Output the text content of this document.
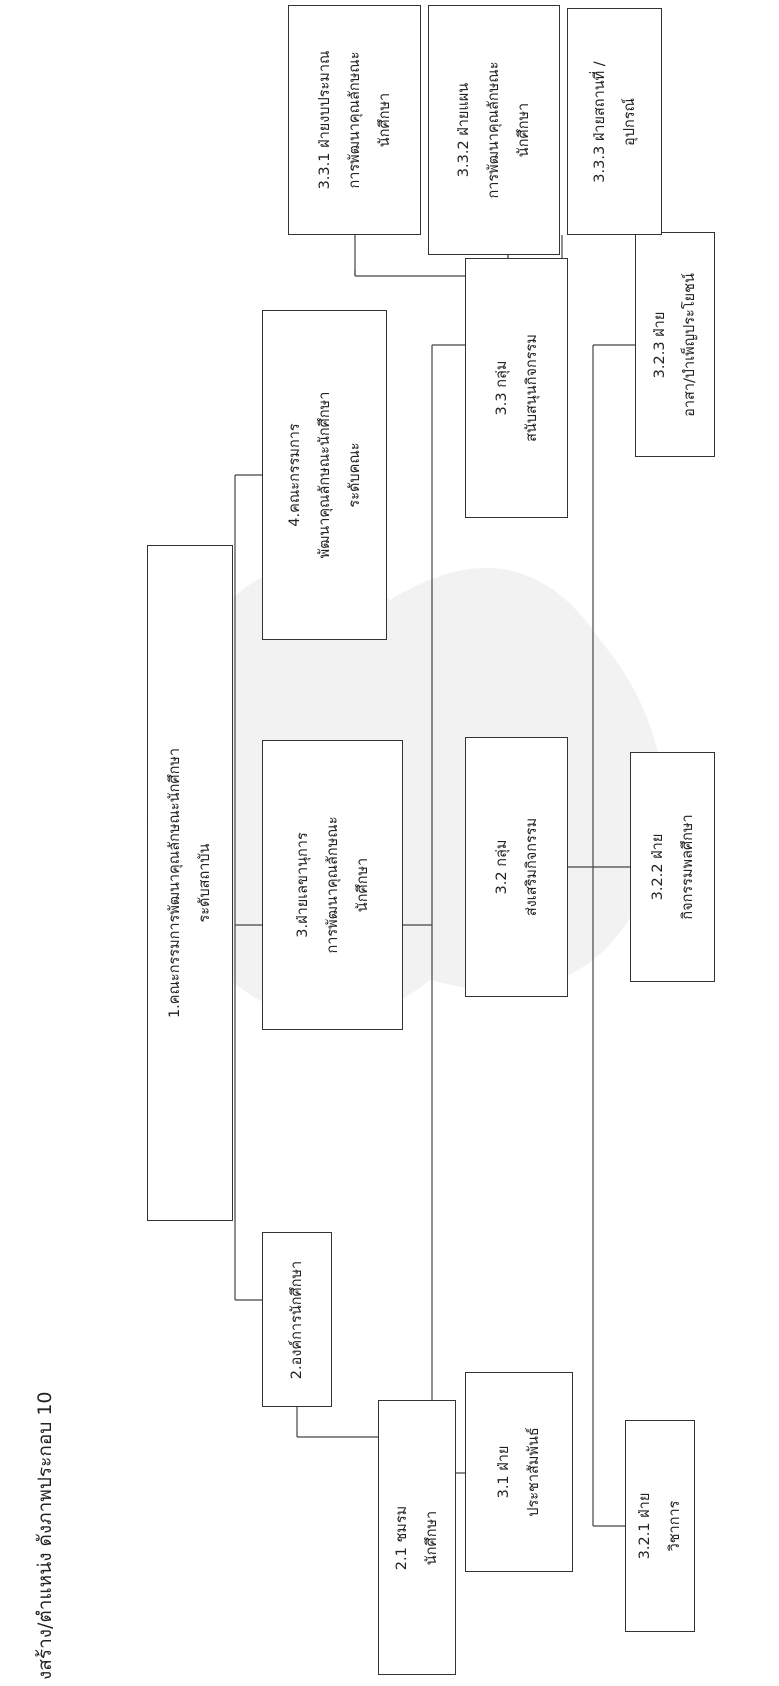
งสร้าง/ตำแหน่ง ดังภาพประกอบ 10
1.คณะกรรมการพัฒนาคุณลักษณะนักศึกษา ระดับสถาบัน
2.องค์การนักศึกษา
2.1 ชมรม นักศึกษา
3.ฝ่ายเลขานุการ การพัฒนาคุณลักษณะ นักศึกษา
4.คณะกรรมการ พัฒนาคุณลักษณะนักศึกษา ระดับคณะ
3.1 ฝ่าย ประชาสัมพันธ์
3.2 กลุ่ม ส่งเสริมกิจกรรม
3.3 กลุ่ม สนับสนุนกิจกรรม
3.2.1 ฝ่าย วิชาการ
3.2.2 ฝ่าย กิจกรรมพลศึกษา
3.2.3 ฝ่าย อาสา/บำเพ็ญประโยชน์
3.3.1 ฝ่ายงบประมาณ การพัฒนาคุณลักษณะ นักศึกษา	3.3.2 ฝ่ายแผน การพัฒนาคุณลักษณะ นักศึกษา	3.3.3 ฝ่ายสถานที่ / อุปกรณ์
